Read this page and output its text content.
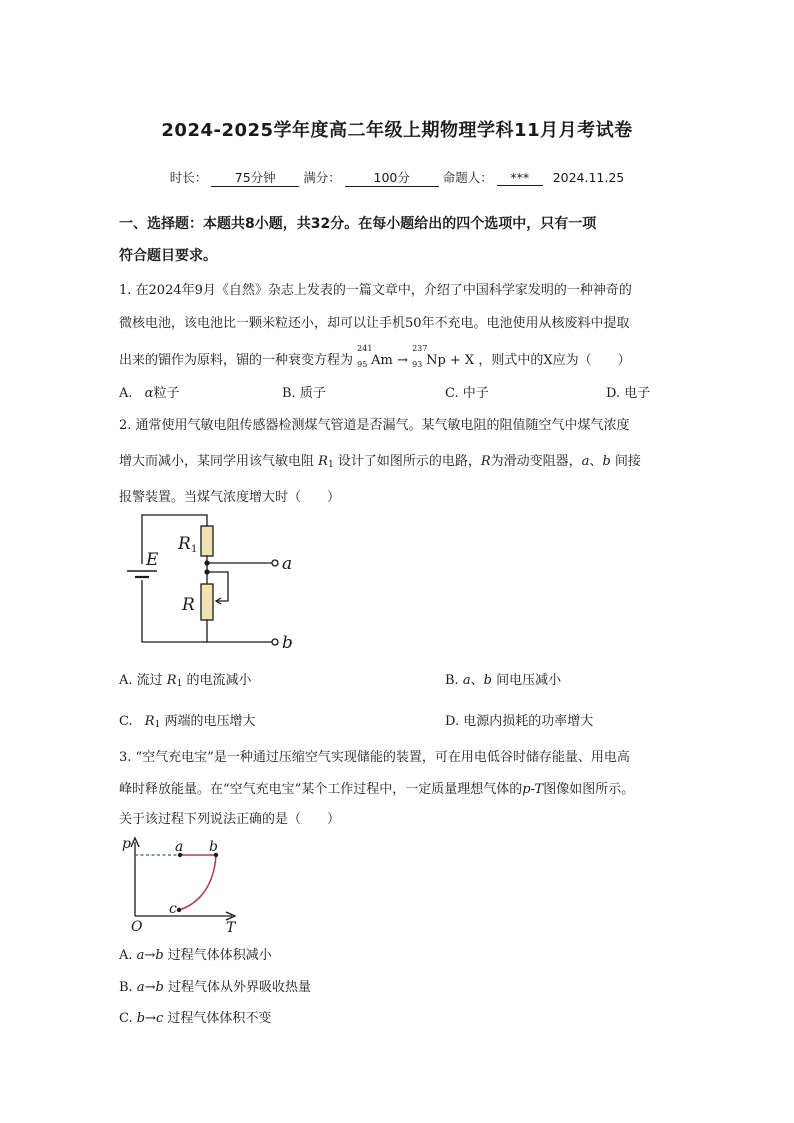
2024-2025学年度高二年级上期物理学科11月月考试卷
时长： 75分钟 满分：	100分	命题人： *** 2024.11.25
一、选择题：本题共8小题，共32分。在每小题给出的四个选项中，只有一项
符合题目要求。
1. 在2024年9月《自然》杂志上发表的一篇文章中，介绍了中国科学家发明的一种神奇的
微核电池，该电池比一颗米粒还小，却可以让手机50年不充电。电池使用从核废料中提取
出来的镅作为原料，镅的一种衰变方程为
241
95 Am →
237
93 Np + X ，则式中的X应为（　　）
A. α粒子	B. 质子	C. 中子	D. 电子
2. 通常使用气敏电阻传感器检测煤气管道是否漏气。某气敏电阻的阻值随空气中煤气浓度
增大而减小，某同学用该气敏电阻 $R_1$ 设计了如图所示的电路，R为滑动变阻器，a、b 间接
报警装置。当煤气浓度增大时（　　）
E
R 1
R
a
b
A. 流过 $R_1$ 的电流减小	B. a、b 间电压减小
C. $R_1$ 两端的电压增大	D. 电源内损耗的功率增大
3. “空气充电宝”是一种通过压缩空气实现储能的装置，可在用电低谷时储存能量、用电高
峰时释放能量。在“空气充电宝”某个工作过程中，一定质量理想气体的p-T图像如图所示。
关于该过程下列说法正确的是（　　）
p
O	T
a b
c
A. a→b 过程气体体积减小
B. a→b 过程气体从外界吸收热量
C. b→c 过程气体体积不变
